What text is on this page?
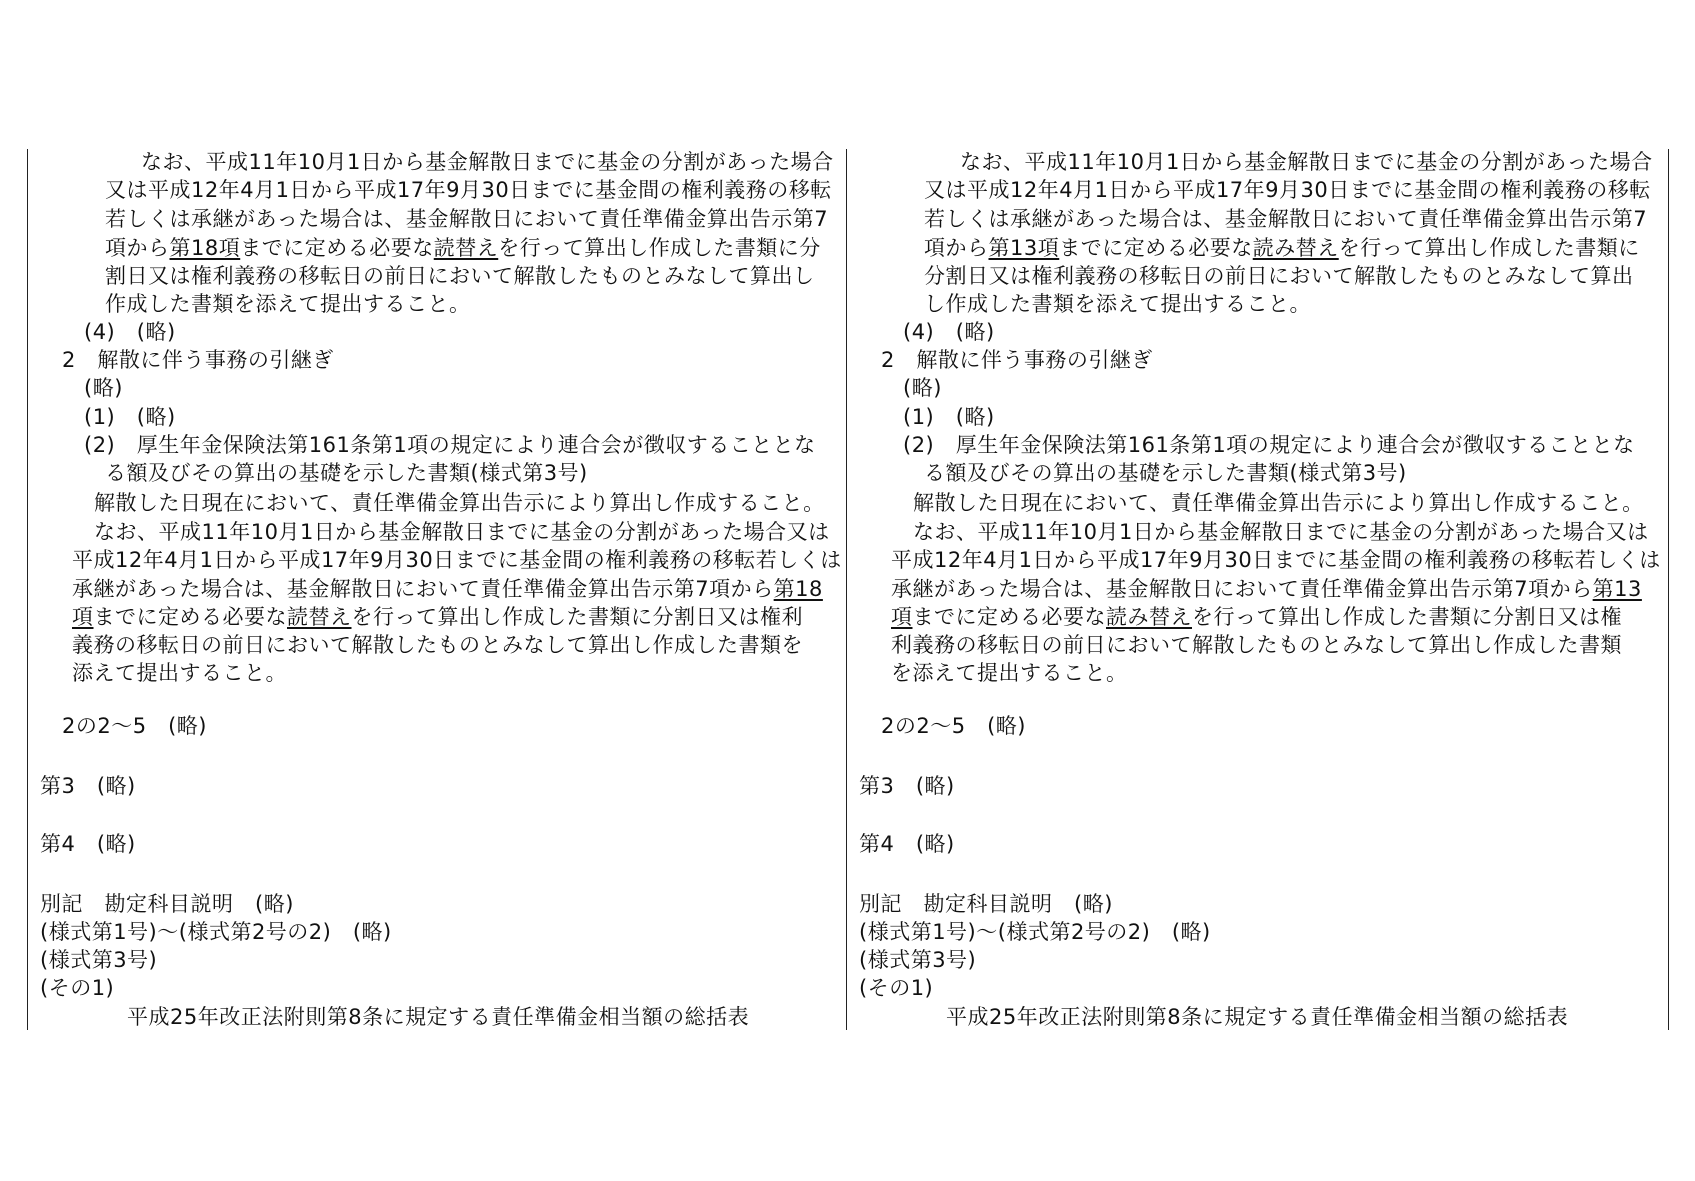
なお、平成11年10月1日から基金解散日までに基金の分割があった場合
又は平成12年4月1日から平成17年9月30日までに基金間の権利義務の移転
若しくは承継があった場合は、基金解散日において責任準備金算出告示第7
項から第18項までに定める必要な読替えを行って算出し作成した書類に分
割日又は権利義務の移転日の前日において解散したものとみなして算出し
作成した書類を添えて提出すること。
(4)　(略)
2　解散に伴う事務の引継ぎ
(略)
(1)　(略)
(2)　厚生年金保険法第161条第1項の規定により連合会が徴収することとな
る額及びその算出の基礎を示した書類(様式第3号)
解散した日現在において、責任準備金算出告示により算出し作成すること。
なお、平成11年10月1日から基金解散日までに基金の分割があった場合又は
平成12年4月1日から平成17年9月30日までに基金間の権利義務の移転若しくは
承継があった場合は、基金解散日において責任準備金算出告示第7項から第18
項までに定める必要な読替えを行って算出し作成した書類に分割日又は権利
義務の移転日の前日において解散したものとみなして算出し作成した書類を
添えて提出すること。
2の2～5　(略)
第3　(略)
第4　(略)
別記　勘定科目説明　(略)
(様式第1号)～(様式第2号の2)　(略)
(様式第3号)
(その1)
平成25年改正法附則第8条に規定する責任準備金相当額の総括表
なお、平成11年10月1日から基金解散日までに基金の分割があった場合
又は平成12年4月1日から平成17年9月30日までに基金間の権利義務の移転
若しくは承継があった場合は、基金解散日において責任準備金算出告示第7
項から第13項までに定める必要な読み替えを行って算出し作成した書類に
分割日又は権利義務の移転日の前日において解散したものとみなして算出
し作成した書類を添えて提出すること。
(4)　(略)
2　解散に伴う事務の引継ぎ
(略)
(1)　(略)
(2)　厚生年金保険法第161条第1項の規定により連合会が徴収することとな
る額及びその算出の基礎を示した書類(様式第3号)
解散した日現在において、責任準備金算出告示により算出し作成すること。
なお、平成11年10月1日から基金解散日までに基金の分割があった場合又は
平成12年4月1日から平成17年9月30日までに基金間の権利義務の移転若しくは
承継があった場合は、基金解散日において責任準備金算出告示第7項から第13
項までに定める必要な読み替えを行って算出し作成した書類に分割日又は権
利義務の移転日の前日において解散したものとみなして算出し作成した書類
を添えて提出すること。
2の2～5　(略)
第3　(略)
第4　(略)
別記　勘定科目説明　(略)
(様式第1号)～(様式第2号の2)　(略)
(様式第3号)
(その1)
平成25年改正法附則第8条に規定する責任準備金相当額の総括表
